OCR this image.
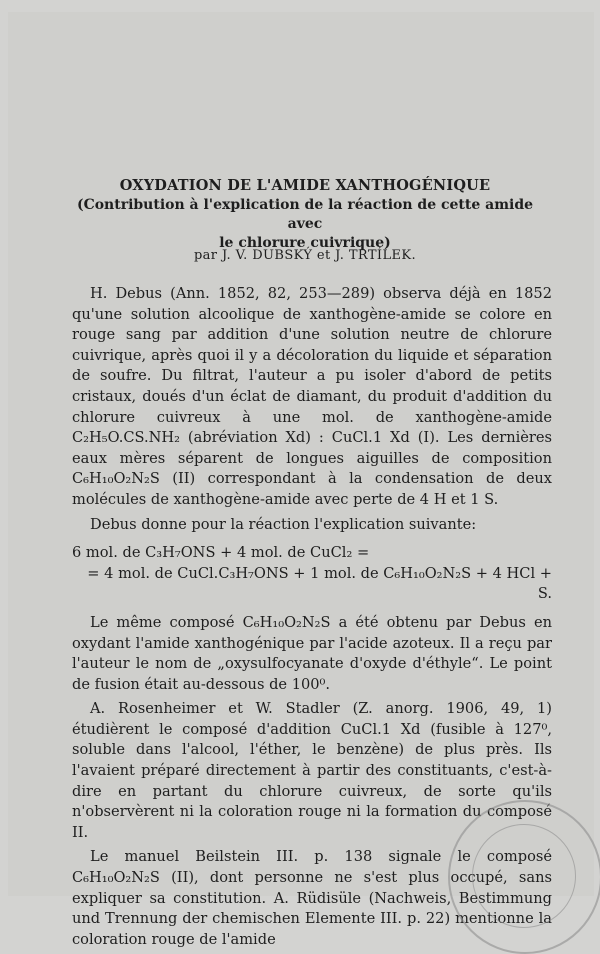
OXYDATION DE L'AMIDE XANTHOGÉNIQUE

(Contribution à l'explication de la réaction de cette amide avec

le chlorure cuivrique)

par J. V. DUBSKÝ et J. TRTÍLEK.

H. Debus (Ann. 1852, 82, 253—289) observa déjà en 1852 qu'une solution alcoolique de xanthogène-amide se colore en rouge sang par addition d'une solution neutre de chlorure cuivrique, après quoi il y a décoloration du liquide et séparation de soufre. Du filtrat, l'auteur a pu isoler d'abord de petits cristaux, doués d'un éclat de diamant, du produit d'addition du chlorure cuivreux à une mol. de xanthogène-amide C₂H₅O.CS.NH₂ (abréviation Xd) : CuCl.1 Xd (I). Les dernières eaux mères séparent de longues aiguilles de composition C₆H₁₀O₂N₂S (II) correspondant à la condensation de deux molécules de xanthogène-amide avec perte de 4 H et 1 S.

Debus donne pour la réaction l'explication suivante:

6 mol. de C₃H₇ONS + 4 mol. de CuCl₂ =

= 4 mol. de CuCl.C₃H₇ONS + 1 mol. de C₆H₁₀O₂N₂S + 4 HCl + S.

Le même composé C₆H₁₀O₂N₂S a été obtenu par Debus en oxydant l'amide xanthogénique par l'acide azoteux. Il a reçu par l'auteur le nom de „oxysulfocyanate d'oxyde d'éthyle“. Le point de fusion était au-dessous de 100⁰.

A. Rosenheimer et W. Stadler (Z. anorg. 1906, 49, 1) étudièrent le composé d'addition CuCl.1 Xd (fusible à 127⁰, soluble dans l'alcool, l'éther, le benzène) de plus près. Ils l'avaient préparé directement à partir des constituants, c'est-à-dire en partant du chlorure cuivreux, de sorte qu'ils n'observèrent ni la coloration rouge ni la formation du composé II.

Le manuel Beilstein III. p. 138 signale le composé C₆H₁₀O₂N₂S (II), dont personne ne s'est plus occupé, sans expliquer sa constitution. A. Rüdisüle (Nachweis, Bestimmung und Trennung der chemischen Elemente III. p. 22) mentionne la coloration rouge de l'amide
